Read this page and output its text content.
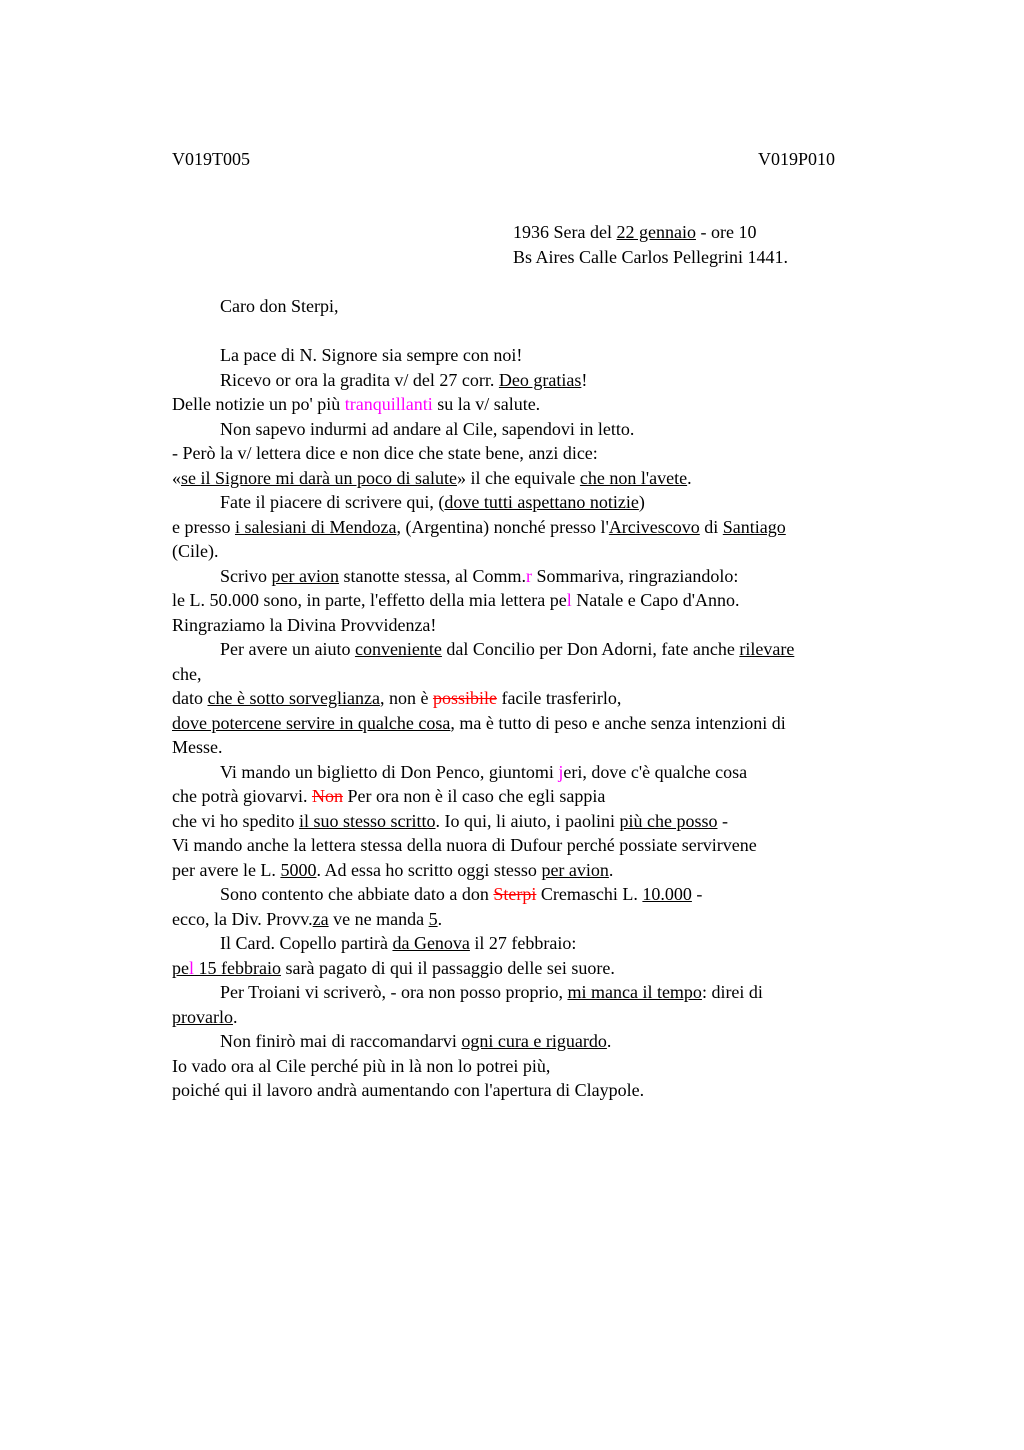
V019T005	V019P010
1936 Sera del 22 gennaio - ore 10
Bs Aires Calle Carlos Pellegrini 1441.
Caro don Sterpi,
La pace di N. Signore sia sempre con noi!
Ricevo or ora la gradita v/ del 27 corr. Deo gratias!
Delle notizie un po' più tranquillanti su la v/ salute.
Non sapevo indurmi ad andare al Cile, sapendovi in letto.
- Però la v/ lettera dice e non dice che state bene, anzi dice:
«se il Signore mi darà un poco di salute» il che equivale che non l'avete.
Fate il piacere di scrivere qui, (dove tutti aspettano notizie)
e presso i salesiani di Mendoza, (Argentina) nonché presso l'Arcivescovo di Santiago
(Cile).
Scrivo per avion stanotte stessa, al Comm.r Sommariva, ringraziandolo:
le L. 50.000 sono, in parte, l'effetto della mia lettera pel Natale e Capo d'Anno.
Ringraziamo la Divina Provvidenza!
Per avere un aiuto conveniente dal Concilio per Don Adorni, fate anche rilevare
che,
dato che è sotto sorveglianza, non è possibile facile trasferirlo,
dove potercene servire in qualche cosa, ma è tutto di peso e anche senza intenzioni di
Messe.
Vi mando un biglietto di Don Penco, giuntomi jeri, dove c'è qualche cosa
che potrà giovarvi. Non Per ora non è il caso che egli sappia
che vi ho spedito il suo stesso scritto. Io qui, li aiuto, i paolini più che posso -
Vi mando anche la lettera stessa della nuora di Dufour perché possiate servirvene
per avere le L. 5000. Ad essa ho scritto oggi stesso per avion.
Sono contento che abbiate dato a don Sterpi Cremaschi L. 10.000 -
ecco, la Div. Provv.za ve ne manda 5.
Il Card. Copello partirà da Genova il 27 febbraio:
pel 15 febbraio sarà pagato di qui il passaggio delle sei suore.
Per Troiani vi scriverò, - ora non posso proprio, mi manca il tempo: direi di
provarlo.
Non finirò mai di raccomandarvi ogni cura e riguardo.
Io vado ora al Cile perché più in là non lo potrei più,
poiché qui il lavoro andrà aumentando con l'apertura di Claypole.
